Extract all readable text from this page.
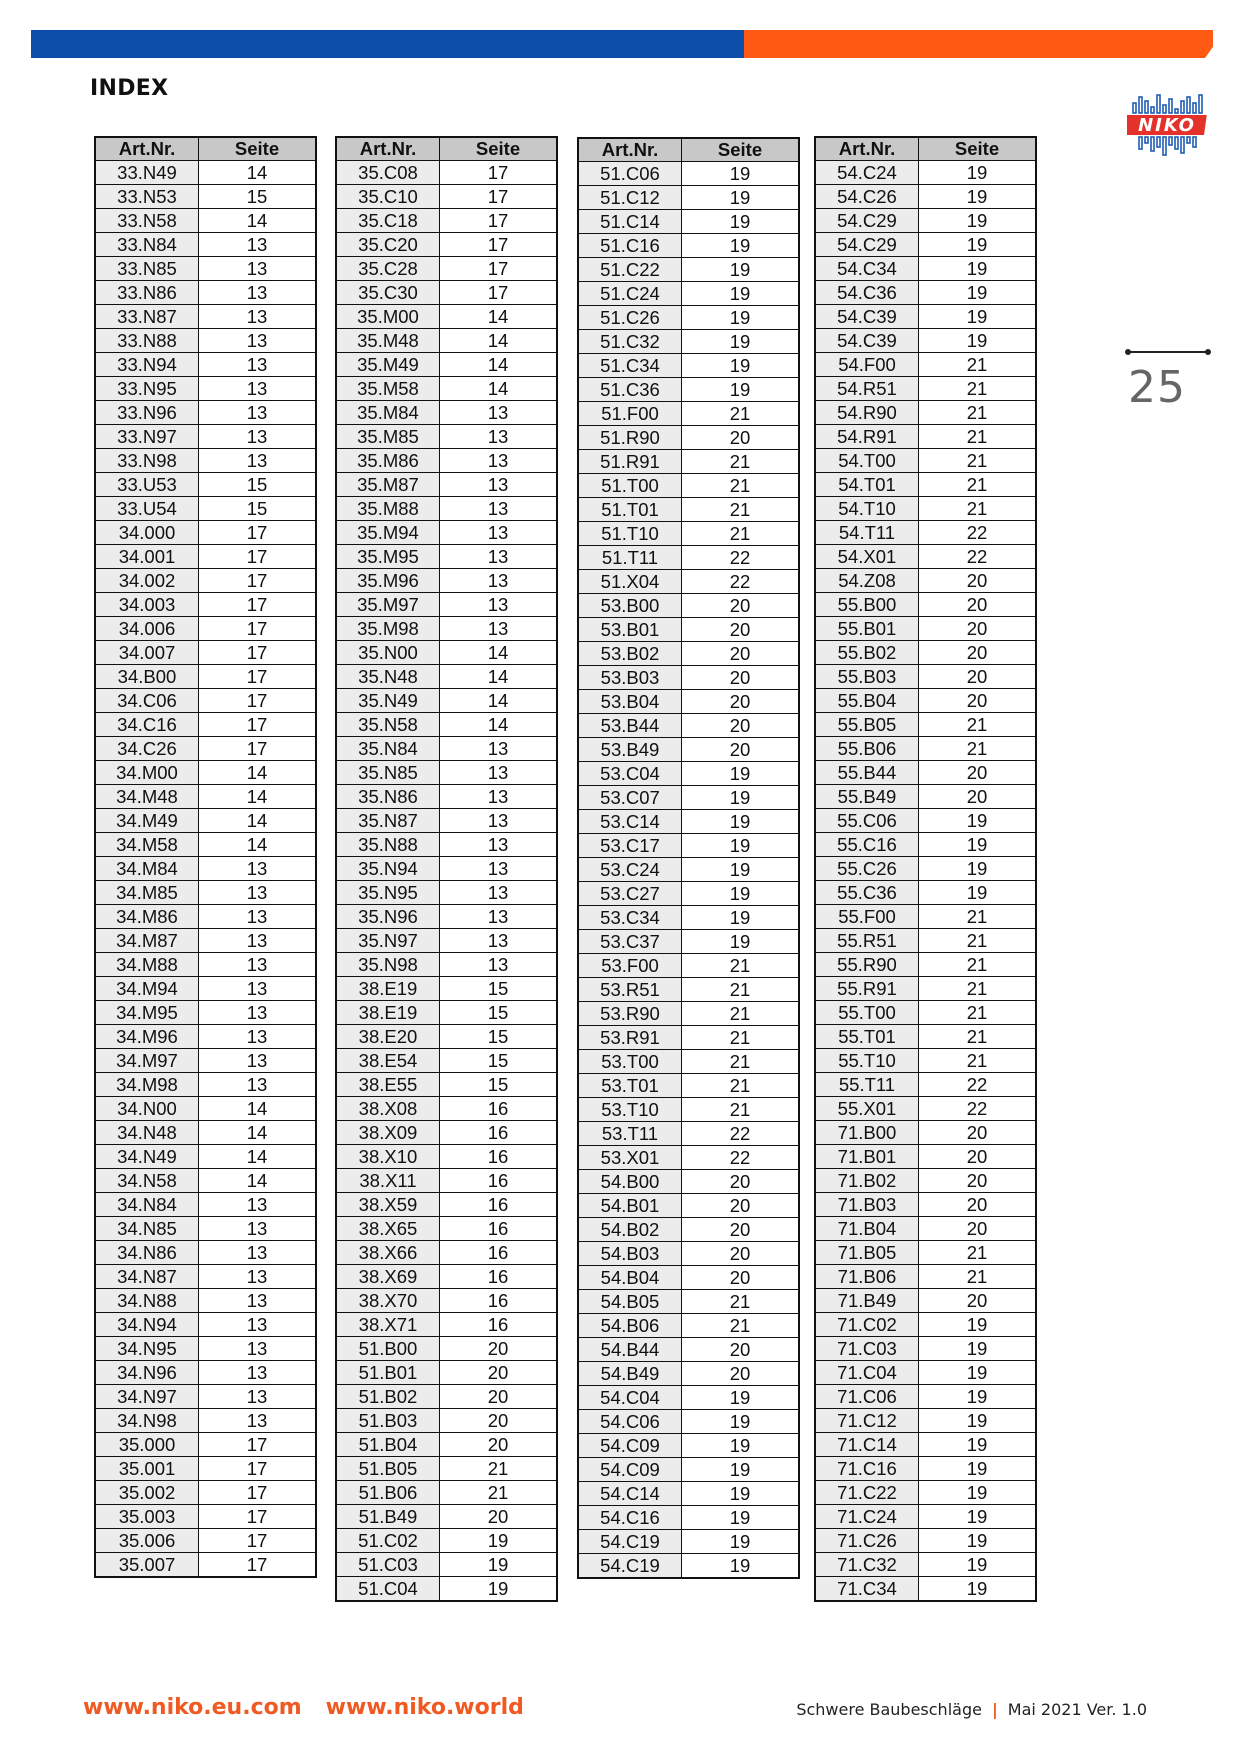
INDEX
NIKO
25
Art.Nr.	Seite
33.N49	14
33.N53	15
33.N58	14
33.N84	13
33.N85	13
33.N86	13
33.N87	13
33.N88	13
33.N94	13
33.N95	13
33.N96	13
33.N97	13
33.N98	13
33.U53	15
33.U54	15
34.000	17
34.001	17
34.002	17
34.003	17
34.006	17
34.007	17
34.B00	17
34.C06	17
34.C16	17
34.C26	17
34.M00	14
34.M48	14
34.M49	14
34.M58	14
34.M84	13
34.M85	13
34.M86	13
34.M87	13
34.M88	13
34.M94	13
34.M95	13
34.M96	13
34.M97	13
34.M98	13
34.N00	14
34.N48	14
34.N49	14
34.N58	14
34.N84	13
34.N85	13
34.N86	13
34.N87	13
34.N88	13
34.N94	13
34.N95	13
34.N96	13
34.N97	13
34.N98	13
35.000	17
35.001	17
35.002	17
35.003	17
35.006	17
35.007	17
Art.Nr.	Seite
35.C08	17
35.C10	17
35.C18	17
35.C20	17
35.C28	17
35.C30	17
35.M00	14
35.M48	14
35.M49	14
35.M58	14
35.M84	13
35.M85	13
35.M86	13
35.M87	13
35.M88	13
35.M94	13
35.M95	13
35.M96	13
35.M97	13
35.M98	13
35.N00	14
35.N48	14
35.N49	14
35.N58	14
35.N84	13
35.N85	13
35.N86	13
35.N87	13
35.N88	13
35.N94	13
35.N95	13
35.N96	13
35.N97	13
35.N98	13
38.E19	15
38.E19	15
38.E20	15
38.E54	15
38.E55	15
38.X08	16
38.X09	16
38.X10	16
38.X11	16
38.X59	16
38.X65	16
38.X66	16
38.X69	16
38.X70	16
38.X71	16
51.B00	20
51.B01	20
51.B02	20
51.B03	20
51.B04	20
51.B05	21
51.B06	21
51.B49	20
51.C02	19
51.C03	19
51.C04	19
Art.Nr.	Seite
51.C06	19
51.C12	19
51.C14	19
51.C16	19
51.C22	19
51.C24	19
51.C26	19
51.C32	19
51.C34	19
51.C36	19
51.F00	21
51.R90	20
51.R91	21
51.T00	21
51.T01	21
51.T10	21
51.T11	22
51.X04	22
53.B00	20
53.B01	20
53.B02	20
53.B03	20
53.B04	20
53.B44	20
53.B49	20
53.C04	19
53.C07	19
53.C14	19
53.C17	19
53.C24	19
53.C27	19
53.C34	19
53.C37	19
53.F00	21
53.R51	21
53.R90	21
53.R91	21
53.T00	21
53.T01	21
53.T10	21
53.T11	22
53.X01	22
54.B00	20
54.B01	20
54.B02	20
54.B03	20
54.B04	20
54.B05	21
54.B06	21
54.B44	20
54.B49	20
54.C04	19
54.C06	19
54.C09	19
54.C09	19
54.C14	19
54.C16	19
54.C19	19
54.C19	19
Art.Nr.	Seite
54.C24	19
54.C26	19
54.C29	19
54.C29	19
54.C34	19
54.C36	19
54.C39	19
54.C39	19
54.F00	21
54.R51	21
54.R90	21
54.R91	21
54.T00	21
54.T01	21
54.T10	21
54.T11	22
54.X01	22
54.Z08	20
55.B00	20
55.B01	20
55.B02	20
55.B03	20
55.B04	20
55.B05	21
55.B06	21
55.B44	20
55.B49	20
55.C06	19
55.C16	19
55.C26	19
55.C36	19
55.F00	21
55.R51	21
55.R90	21
55.R91	21
55.T00	21
55.T01	21
55.T10	21
55.T11	22
55.X01	22
71.B00	20
71.B01	20
71.B02	20
71.B03	20
71.B04	20
71.B05	21
71.B06	21
71.B49	20
71.C02	19
71.C03	19
71.C04	19
71.C06	19
71.C12	19
71.C14	19
71.C16	19
71.C22	19
71.C24	19
71.C26	19
71.C32	19
71.C34	19
www.niko.eu.com www.niko.world	Schwere Baubeschläge | Mai 2021 Ver. 1.0
